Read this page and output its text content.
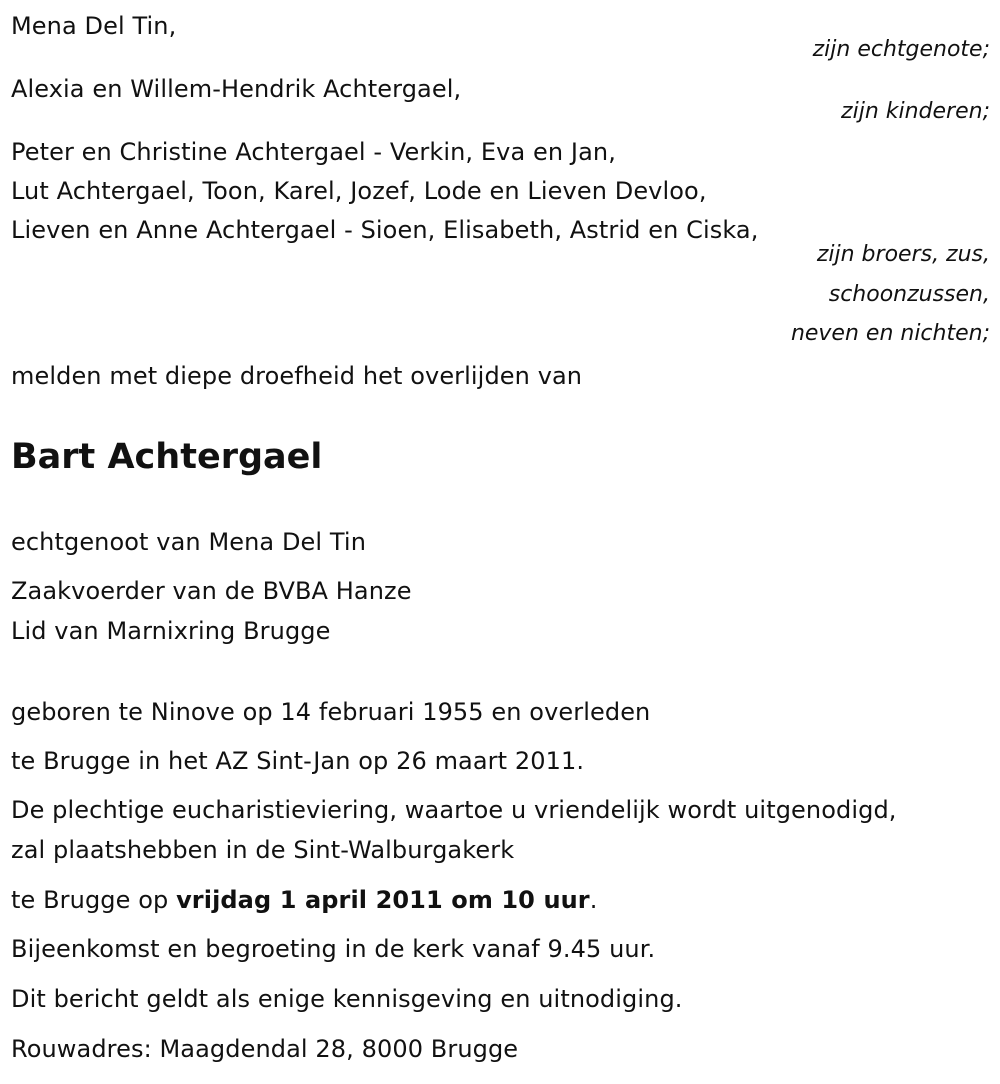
Mena Del Tin,
zijn echtgenote;
Alexia en Willem-Hendrik Achtergael,
zijn kinderen;
Peter en Christine Achtergael - Verkin, Eva en Jan,
Lut Achtergael, Toon, Karel, Jozef, Lode en Lieven Devloo,
Lieven en Anne Achtergael - Sioen, Elisabeth, Astrid en Ciska,
zijn broers, zus,
schoonzussen,
neven en nichten;
melden met diepe droefheid het overlijden van
Bart Achtergael
echtgenoot van Mena Del Tin
Zaakvoerder van de BVBA Hanze
Lid van Marnixring Brugge
geboren te Ninove op 14 februari 1955 en overleden
te Brugge in het AZ Sint-Jan op 26 maart 2011.
De plechtige eucharistieviering, waartoe u vriendelijk wordt uitgenodigd,
zal plaatshebben in de Sint-Walburgakerk
te Brugge op vrijdag 1 april 2011 om 10 uur.
Bijeenkomst en begroeting in de kerk vanaf 9.45 uur.
Dit bericht geldt als enige kennisgeving en uitnodiging.
Rouwadres: Maagdendal 28, 8000 Brugge
